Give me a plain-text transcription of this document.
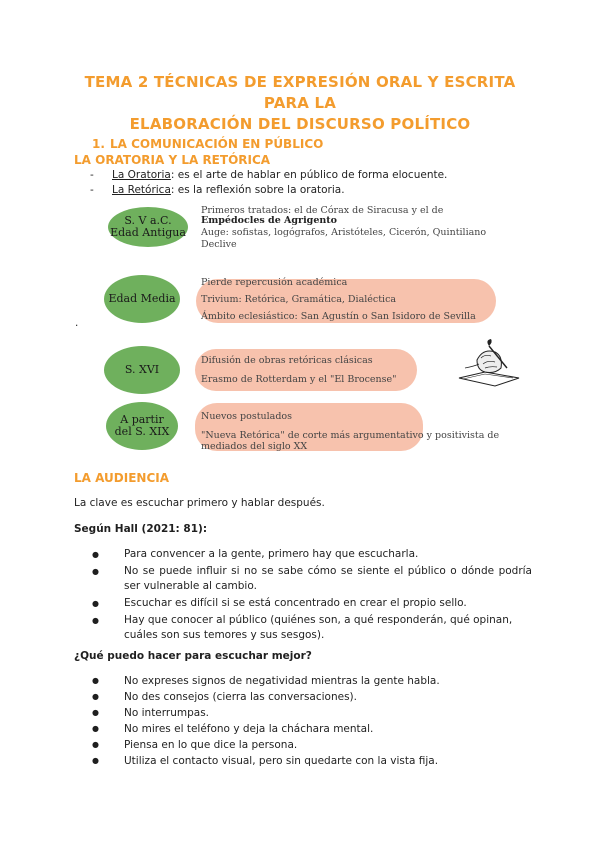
TEMA 2 TÉCNICAS DE EXPRESIÓN ORAL Y ESCRITA PARA LA
ELABORACIÓN DEL DISCURSO POLÍTICO
1. LA COMUNICACIÓN EN PÚBLICO
LA ORATORIA Y LA RETÓRICA
- La Oratoria: es el arte de hablar en público de forma elocuente.
- La Retórica: es la reflexión sobre la oratoria.
S. V a.C.
Edad Antigua
Primeros tratados: el de Córax de Siracusa y el de
Empédocles de Agrigento
Auge: sofistas, logógrafos, Aristóteles, Cicerón, Quintiliano
Declive
Edad Media
Pierde repercusión académica
Trivium: Retórica, Gramática, Dialéctica
Ámbito eclesiástico: San Agustín o San Isidoro de Sevilla
.
S. XVI
Difusión de obras retóricas clásicas
Erasmo de Rotterdam y el "El Brocense"
A partir
del S. XIX
Nuevos postulados
"Nueva Retórica" de corte más argumentativo y positivista de
mediados del siglo XX
LA AUDIENCIA
La clave es escuchar primero y hablar después.
Según Hall (2021: 81):
● Para convencer a la gente, primero hay que escucharla.
● No se puede influir si no se sabe cómo se siente el público o dónde podría ser vulnerable al cambio.
● Escuchar es difícil si se está concentrado en crear el propio sello.
● Hay que conocer al público (quiénes son, a qué responderán, qué opinan, cuáles son sus temores y sus sesgos).
¿Qué puedo hacer para escuchar mejor?
● No expreses signos de negatividad mientras la gente habla.
● No des consejos (cierra las conversaciones).
● No interrumpas.
● No mires el teléfono y deja la cháchara mental.
● Piensa en lo que dice la persona.
● Utiliza el contacto visual, pero sin quedarte con la vista fija.
